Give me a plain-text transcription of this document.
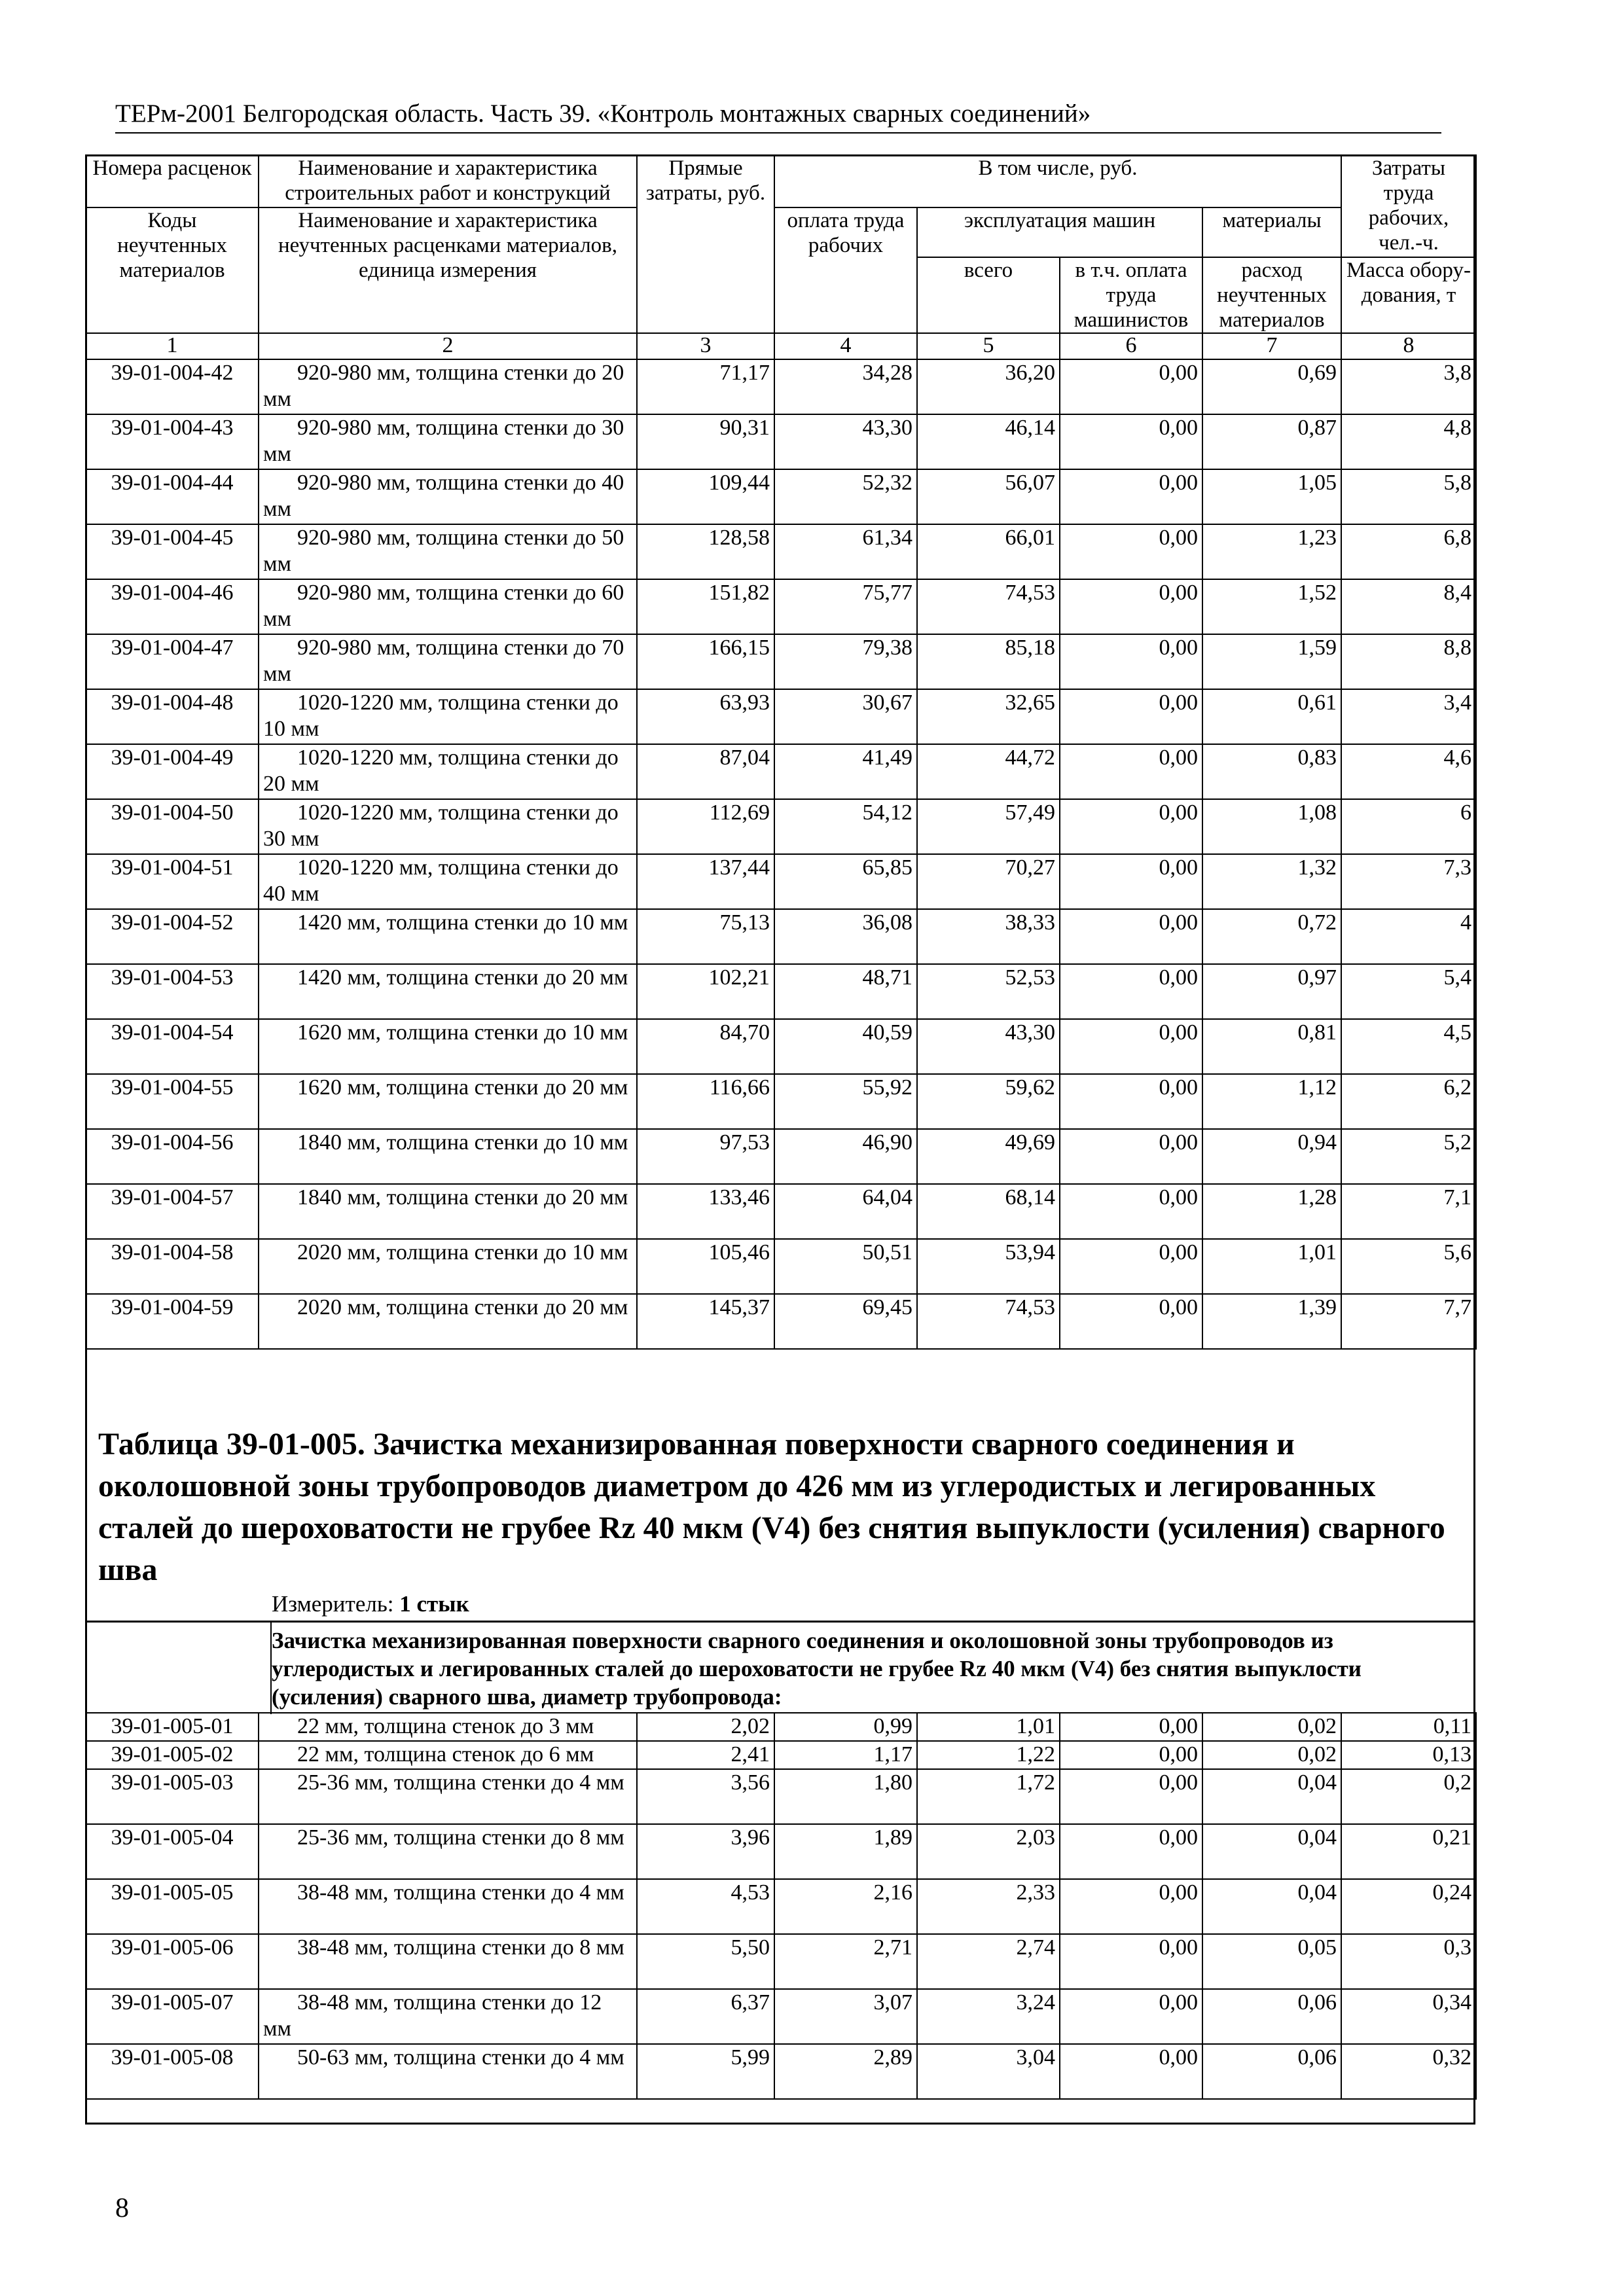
ТЕРм-2001 Белгородская область. Часть 39. «Контроль монтажных сварных соединений»
Номера расценок	Наименование и характеристика строительных работ и конструкций	Прямые затраты, руб.	В том числе, руб.				Затраты труда рабочих, чел.-ч.
Коды неучтенных материалов	Наименование и характеристика неучтенных расценками материалов, единица измерения		оплата труда рабочих	эксплуатация машин		материалы	
				всего	в т.ч. оплата труда машинистов	расход неучтенных материалов	Масса обору-дования, т
1	2	3	4	5	6	7	8
39-01-004-42	920-980 мм, толщина стенки до 20 мм	71,17	34,28	36,20	0,00	0,69	3,8
39-01-004-43	920-980 мм, толщина стенки до 30 мм	90,31	43,30	46,14	0,00	0,87	4,8
39-01-004-44	920-980 мм, толщина стенки до 40 мм	109,44	52,32	56,07	0,00	1,05	5,8
39-01-004-45	920-980 мм, толщина стенки до 50 мм	128,58	61,34	66,01	0,00	1,23	6,8
39-01-004-46	920-980 мм, толщина стенки до 60 мм	151,82	75,77	74,53	0,00	1,52	8,4
39-01-004-47	920-980 мм, толщина стенки до 70 мм	166,15	79,38	85,18	0,00	1,59	8,8
39-01-004-48	1020-1220 мм, толщина стенки до 10 мм	63,93	30,67	32,65	0,00	0,61	3,4
39-01-004-49	1020-1220 мм, толщина стенки до 20 мм	87,04	41,49	44,72	0,00	0,83	4,6
39-01-004-50	1020-1220 мм, толщина стенки до 30 мм	112,69	54,12	57,49	0,00	1,08	6
39-01-004-51	1020-1220 мм, толщина стенки до 40 мм	137,44	65,85	70,27	0,00	1,32	7,3
39-01-004-52	1420 мм, толщина стенки до 10 мм	75,13	36,08	38,33	0,00	0,72	4
39-01-004-53	1420 мм, толщина стенки до 20 мм	102,21	48,71	52,53	0,00	0,97	5,4
39-01-004-54	1620 мм, толщина стенки до 10 мм	84,70	40,59	43,30	0,00	0,81	4,5
39-01-004-55	1620 мм, толщина стенки до 20 мм	116,66	55,92	59,62	0,00	1,12	6,2
39-01-004-56	1840 мм, толщина стенки до 10 мм	97,53	46,90	49,69	0,00	0,94	5,2
39-01-004-57	1840 мм, толщина стенки до 20 мм	133,46	64,04	68,14	0,00	1,28	7,1
39-01-004-58	2020 мм, толщина стенки до 10 мм	105,46	50,51	53,94	0,00	1,01	5,6
39-01-004-59	2020 мм, толщина стенки до 20 мм	145,37	69,45	74,53	0,00	1,39	7,7
Таблица 39-01-005. Зачистка механизированная поверхности сварного соединения и околошовной зоны трубопроводов диаметром до 426 мм из углеродистых и легированных сталей до шероховатости не грубее Rz 40 мкм (V4) без снятия выпуклости (усиления) сварного шва
Измеритель: 1 стык
Зачистка механизированная поверхности сварного соединения и околошовной зоны трубопроводов из углеродистых и легированных сталей до шероховатости не грубее Rz 40 мкм (V4) без снятия выпуклости (усиления) сварного шва, диаметр трубопровода:
39-01-005-01	22 мм, толщина стенок до 3 мм	2,02	0,99	1,01	0,00	0,02	0,11
39-01-005-02	22 мм, толщина стенок до 6 мм	2,41	1,17	1,22	0,00	0,02	0,13
39-01-005-03	25-36 мм, толщина стенки до 4 мм	3,56	1,80	1,72	0,00	0,04	0,2
39-01-005-04	25-36 мм, толщина стенки до 8 мм	3,96	1,89	2,03	0,00	0,04	0,21
39-01-005-05	38-48 мм, толщина стенки до 4 мм	4,53	2,16	2,33	0,00	0,04	0,24
39-01-005-06	38-48 мм, толщина стенки до 8 мм	5,50	2,71	2,74	0,00	0,05	0,3
39-01-005-07	38-48 мм, толщина стенки до 12 мм	6,37	3,07	3,24	0,00	0,06	0,34
39-01-005-08	50-63 мм, толщина стенки до 4 мм	5,99	2,89	3,04	0,00	0,06	0,32
8
